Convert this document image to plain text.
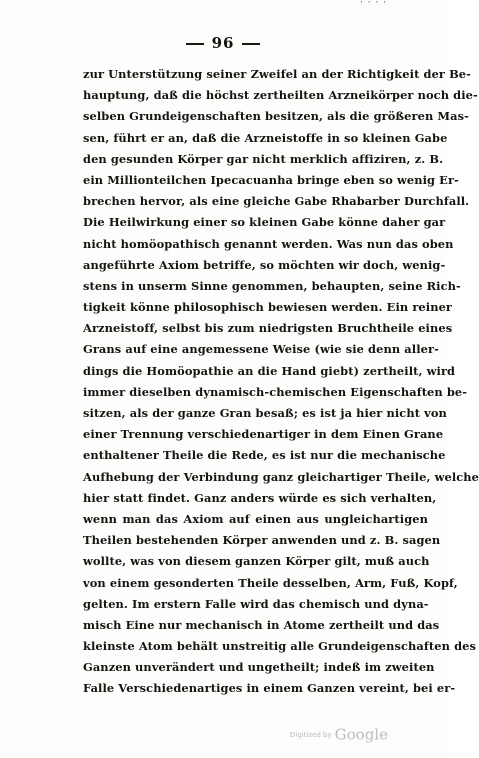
· · · ·
96
zur Unterstützung seiner Zweifel an der Richtigkeit der Be-
hauptung, daß die höchst zertheilten Arzneikörper noch die-
selben Grundeigenschaften besitzen, als die größeren Mas-
sen, führt er an, daß die Arzneistoffe in so kleinen Gabe
den gesunden Körper gar nicht merklich affiziren, z. B.
ein Millionteilchen Ipecacuanha bringe eben so wenig Er-
brechen hervor, als eine gleiche Gabe Rhabarber Durchfall.
Die Heilwirkung einer so kleinen Gabe könne daher gar
nicht homöopathisch genannt werden. Was nun das oben
angeführte Axiom betriffe, so möchten wir doch, wenig-
stens in unserm Sinne genommen, behaupten, seine Rich-
tigkeit könne philosophisch bewiesen werden. Ein reiner
Arzneistoff, selbst bis zum niedrigsten Bruchtheile eines
Grans auf eine angemessene Weise (wie sie denn aller-
dings die Homöopathie an die Hand giebt) zertheilt, wird
immer dieselben dynamisch-chemischen Eigenschaften be-
sitzen, als der ganze Gran besaß; es ist ja hier nicht von
einer Trennung verschiedenartiger in dem Einen Grane
enthaltener Theile die Rede, es ist nur die mechanische
Aufhebung der Verbindung ganz gleichartiger Theile, welche
hier statt findet. Ganz anders würde es sich verhalten,
wenn man das Axiom auf einen aus ungleichartigen
Theilen bestehenden Körper anwenden und z. B. sagen
wollte, was von diesem ganzen Körper gilt, muß auch
von einem gesonderten Theile desselben, Arm, Fuß, Kopf,
gelten. Im erstern Falle wird das chemisch und dyna-
misch Eine nur mechanisch in Atome zertheilt und das
kleinste Atom behält unstreitig alle Grundeigenschaften des
Ganzen unverändert und ungetheilt; indeß im zweiten
Falle Verschiedenartiges in einem Ganzen vereint, bei er-
Digitized by Google
